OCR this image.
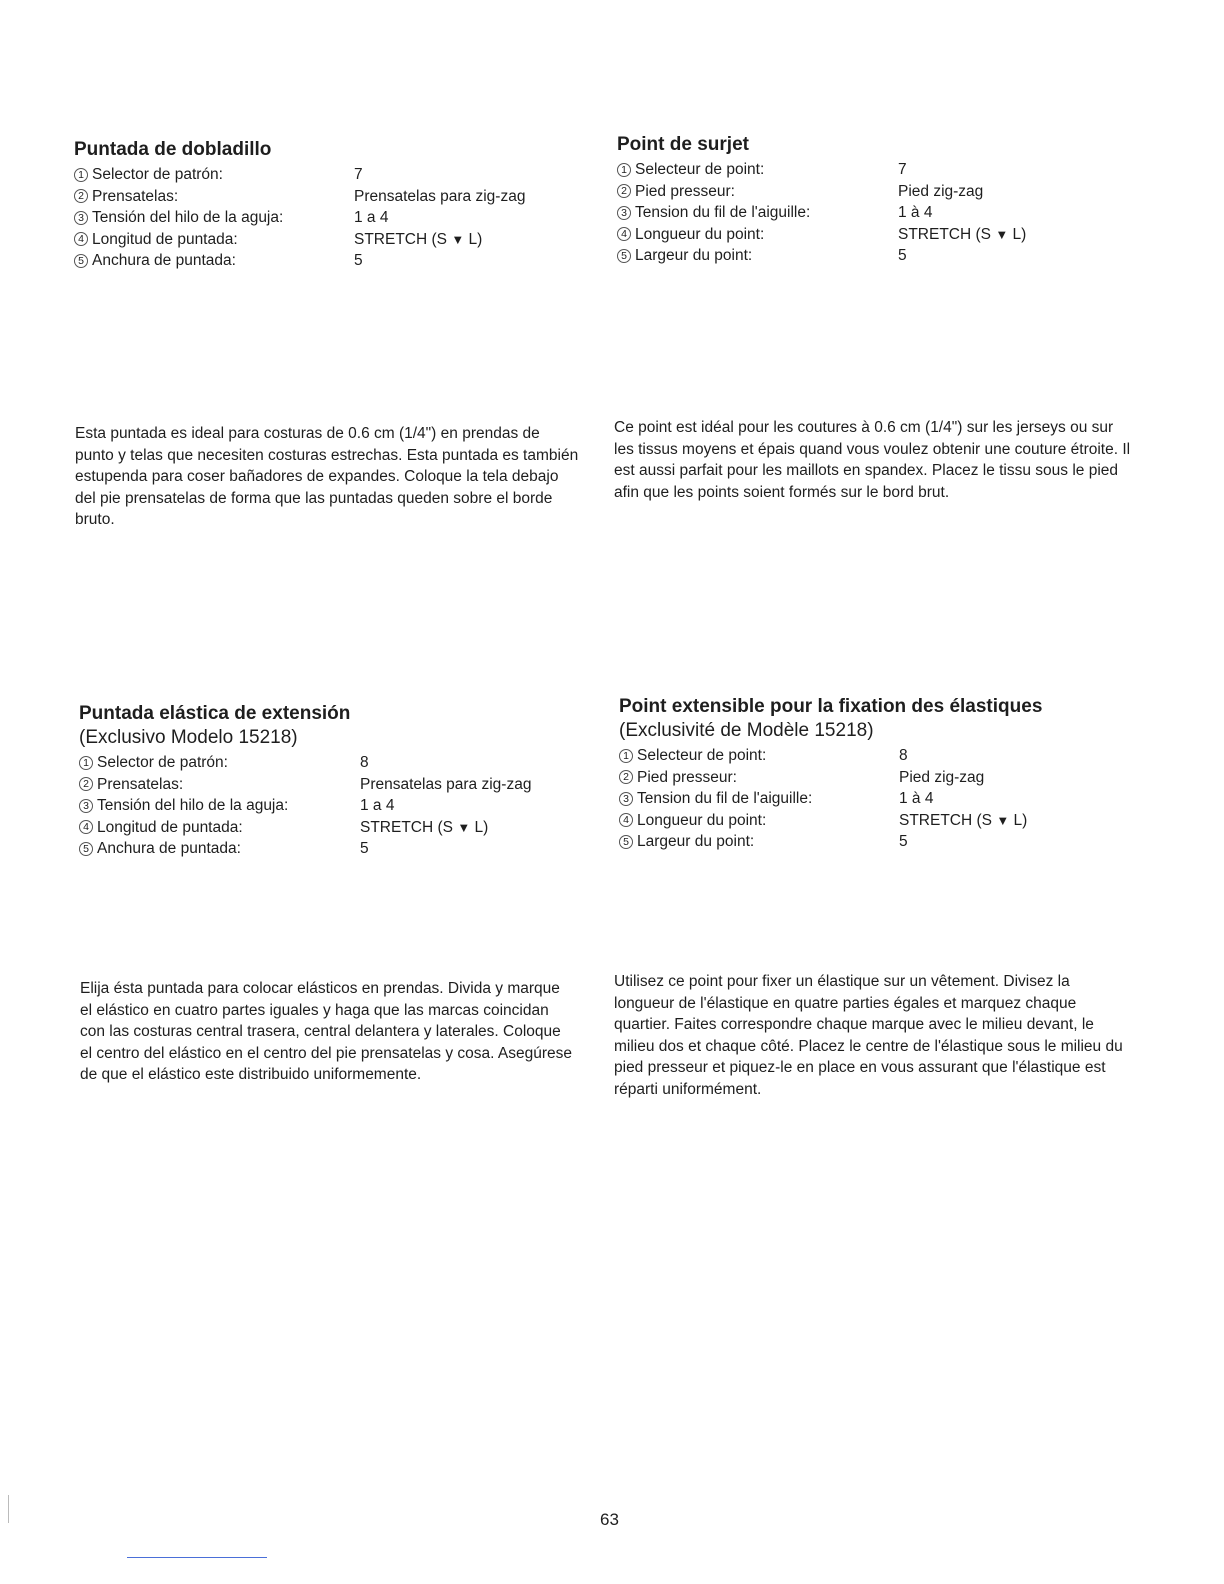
Puntada de dobladillo
1 Selector de patrón:	7
2 Prensatelas:	Prensatelas para zig-zag
3 Tensión del hilo de la aguja:	1 a 4
4 Longitud de puntada:	STRETCH (S ▼ L)
5 Anchura de puntada:	5

Esta puntada es ideal para costuras de 0.6 cm (1/4") en prendas de punto y telas que necesiten costuras estrechas. Esta puntada es también estupenda para coser bañadores de expandes. Coloque la tela debajo del pie prensatelas de forma que las puntadas queden sobre el borde bruto.

Point de surjet
1 Selecteur de point:	7
2 Pied presseur:	Pied zig-zag
3 Tension du fil de l'aiguille:	1 à 4
4 Longueur du point:	STRETCH (S ▼ L)
5 Largeur du point:	5

Ce point est idéal pour les coutures à 0.6 cm (1/4") sur les jerseys ou sur les tissus moyens et épais quand vous voulez obtenir une couture étroite. Il est aussi parfait pour les maillots en spandex. Placez le tissu sous le pied afin que les points soient formés sur le bord brut.

Puntada elástica de extensión
(Exclusivo Modelo 15218)
1 Selector de patrón:	8
2 Prensatelas:	Prensatelas para zig-zag
3 Tensión del hilo de la aguja:	1 a 4
4 Longitud de puntada:	STRETCH (S ▼ L)
5 Anchura de puntada:	5

Elija ésta puntada para colocar elásticos en prendas. Divida y marque el elástico en cuatro partes iguales y haga que las marcas coincidan con las costuras central trasera, central delantera y laterales. Coloque el centro del elástico en el centro del pie prensatelas y cosa. Asegúrese de que el elástico este distribuido uniformemente.

Point extensible pour la fixation des élastiques
(Exclusivité de Modèle 15218)
1 Selecteur de point:	8
2 Pied presseur:	Pied zig-zag
3 Tension du fil de l'aiguille:	1 à 4
4 Longueur du point:	STRETCH (S ▼ L)
5 Largeur du point:	5

Utilisez ce point pour fixer un élastique sur un vêtement. Divisez la longueur de l'élastique en quatre parties égales et marquez chaque quartier. Faites correspondre chaque marque avec le milieu devant, le milieu dos et chaque côté. Placez le centre de l'élastique sous le milieu du pied presseur et piquez-le en place en vous assurant que l'élastique est réparti uniformément.

63
